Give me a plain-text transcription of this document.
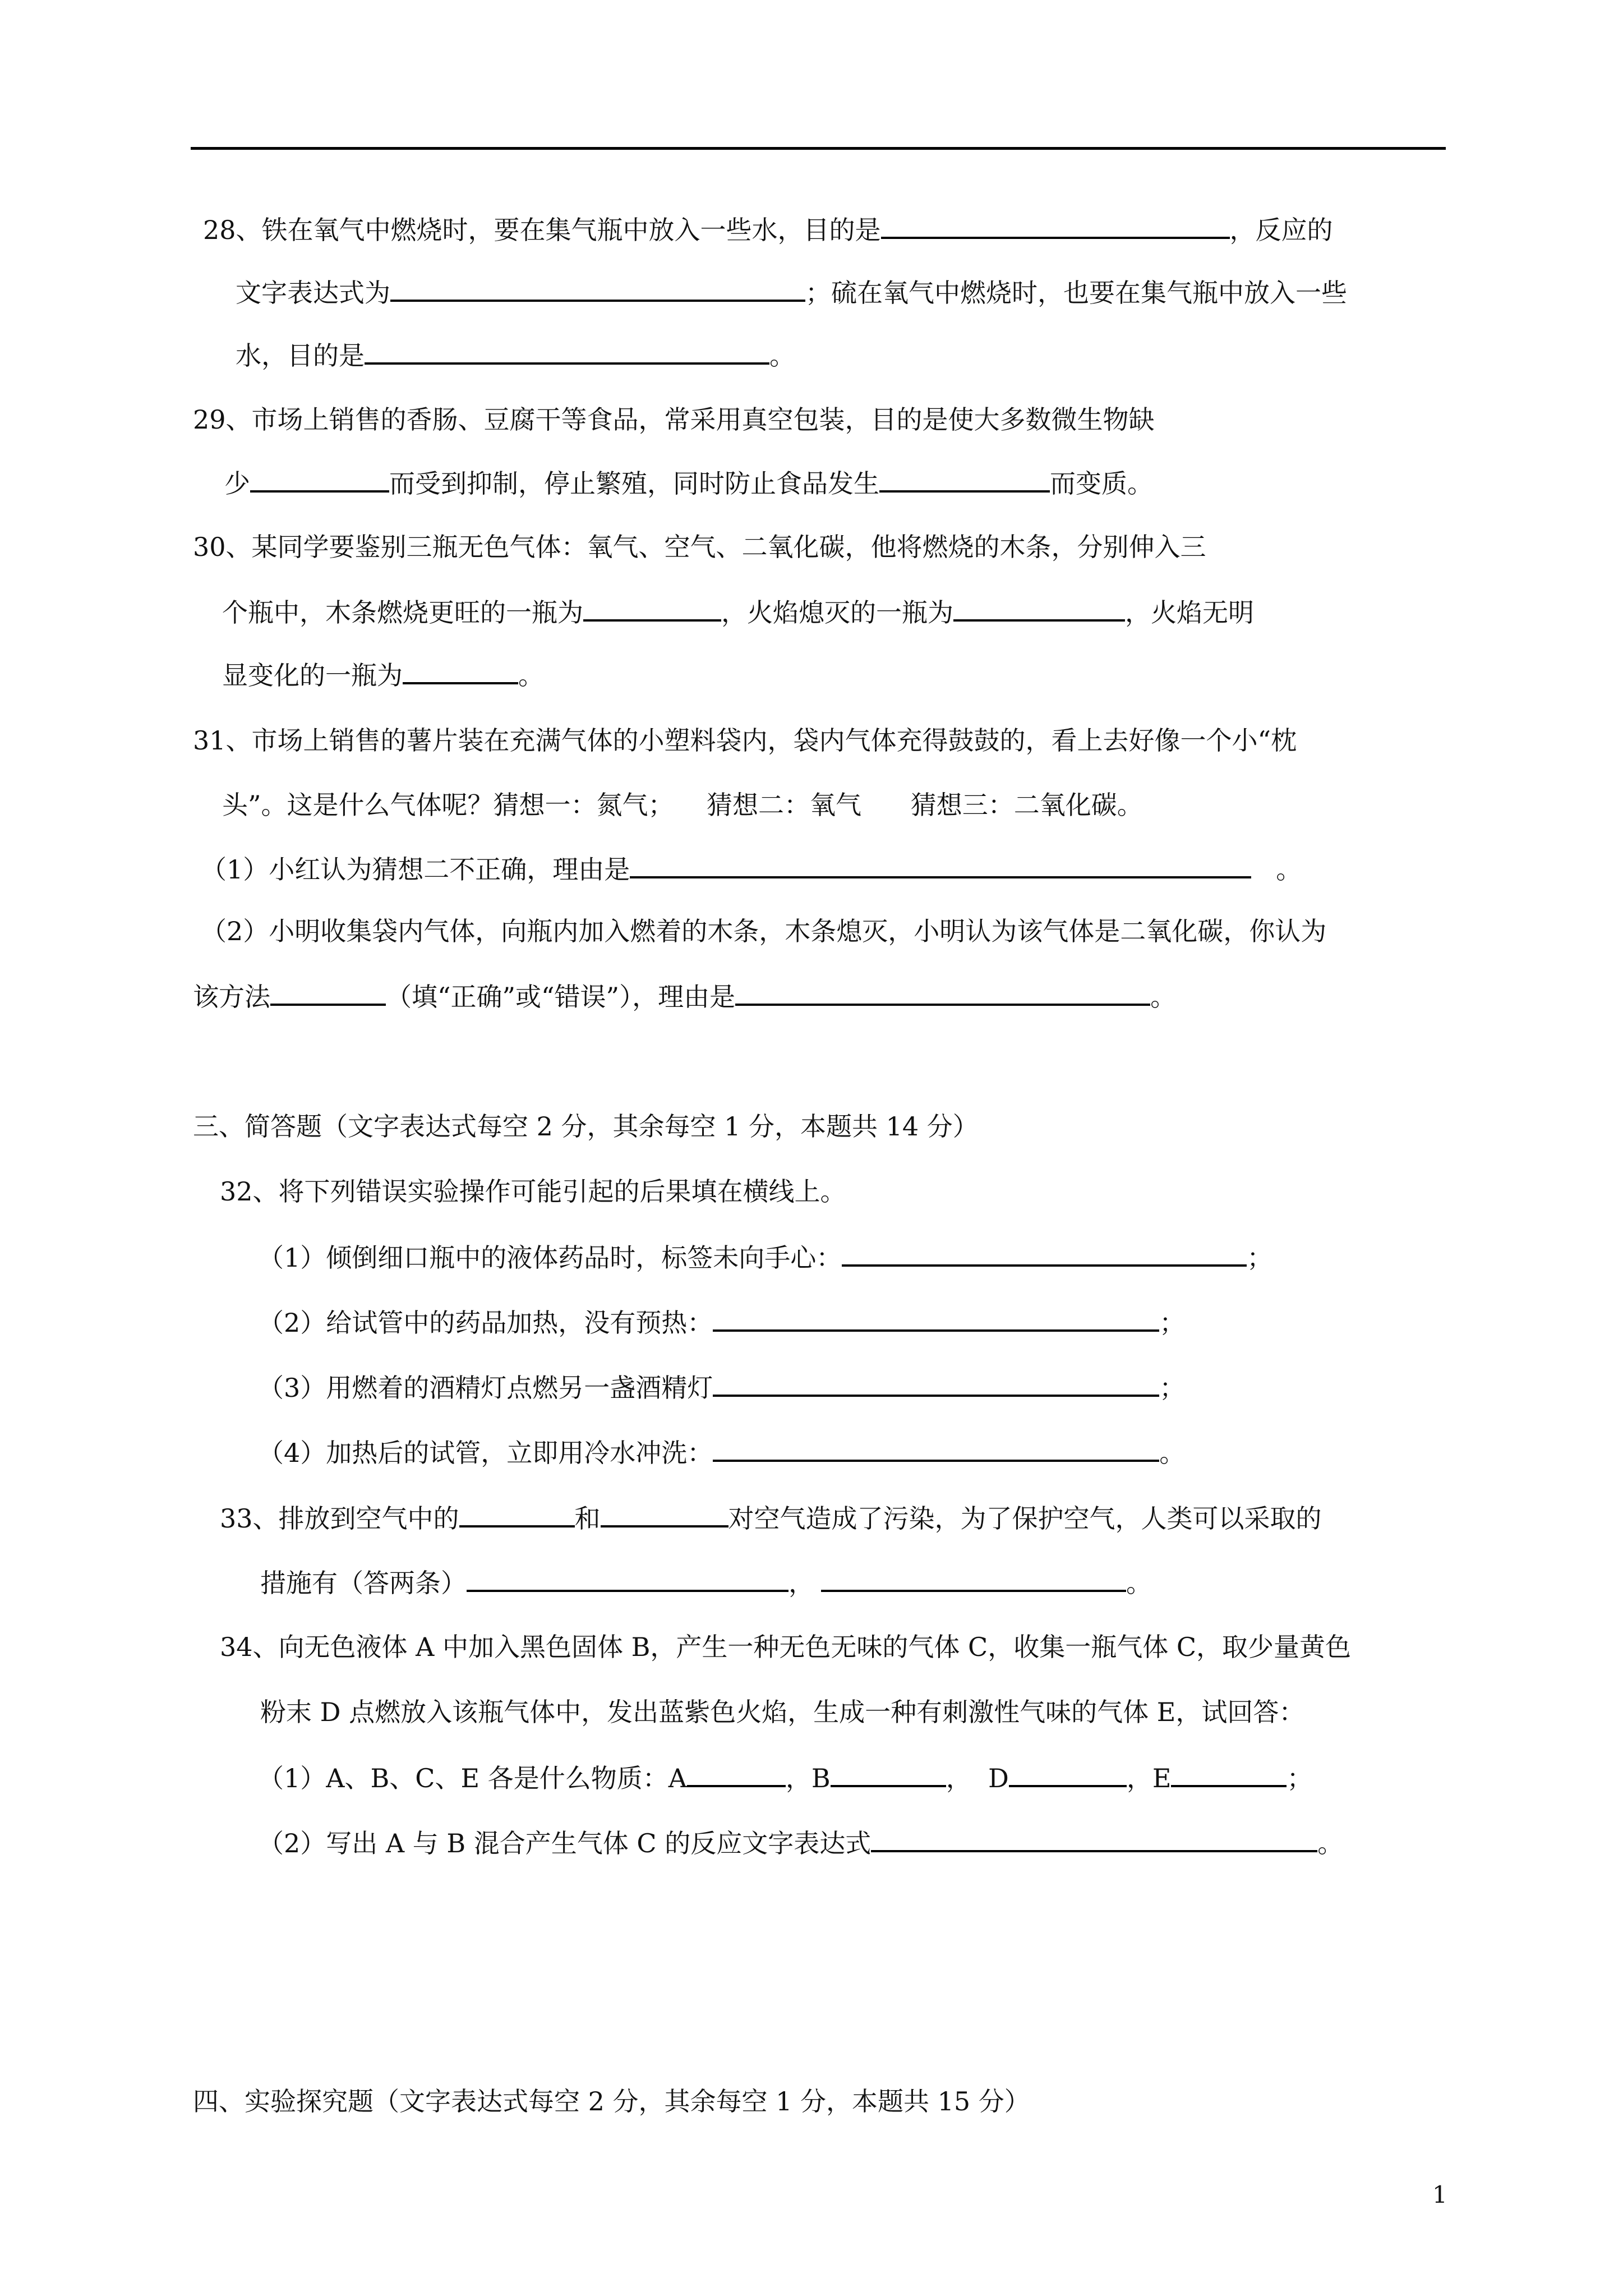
28、铁在氧气中燃烧时，要在集气瓶中放入一些水，目的是	，反应的
文字表达式为	；硫在氧气中燃烧时，也要在集气瓶中放入一些
水，目的是	。
29、市场上销售的香肠、豆腐干等食品，常采用真空包装，目的是使大多数微生物缺
少	而受到抑制，停止繁殖，同时防止食品发生	而变质。
30、某同学要鉴别三瓶无色气体：氧气、空气、二氧化碳，他将燃烧的木条，分别伸入三
个瓶中，木条燃烧更旺的一瓶为	，火焰熄灭的一瓶为	，火焰无明
显变化的一瓶为	。
31、市场上销售的薯片装在充满气体的小塑料袋内，袋内气体充得鼓鼓的，看上去好像一个小“枕
头”。这是什么气体呢？猜想一：氮气；    猜想二：氧气      猜想三：二氧化碳。
（1）小红认为猜想二不正确，理由是	。
（2）小明收集袋内气体，向瓶内加入燃着的木条，木条熄灭，小明认为该气体是二氧化碳，你认为
该方法	（填“正确”或“错误”），理由是	。
三、简答题（文字表达式每空 2 分，其余每空 1 分，本题共 14 分）
32、将下列错误实验操作可能引起的后果填在横线上。
（1）倾倒细口瓶中的液体药品时，标签未向手心：	；
（2）给试管中的药品加热，没有预热：	；
（3）用燃着的酒精灯点燃另一盏酒精灯	；
（4）加热后的试管，立即用冷水冲洗：	。
33、排放到空气中的	和	对空气造成了污染，为了保护空气，人类可以采取的
措施有（答两条）	，	。
34、向无色液体 A 中加入黑色固体 B，产生一种无色无味的气体 C，收集一瓶气体 C，取少量黄色
粉末 D 点燃放入该瓶气体中，发出蓝紫色火焰，生成一种有刺激性气味的气体 E，试回答：
（1）A、B、C、E 各是什么物质：A	，B	，  D	，E	；
（2）写出 A 与 B 混合产生气体 C 的反应文字表达式	。
四、实验探究题（文字表达式每空 2 分，其余每空 1 分，本题共 15 分）
1
